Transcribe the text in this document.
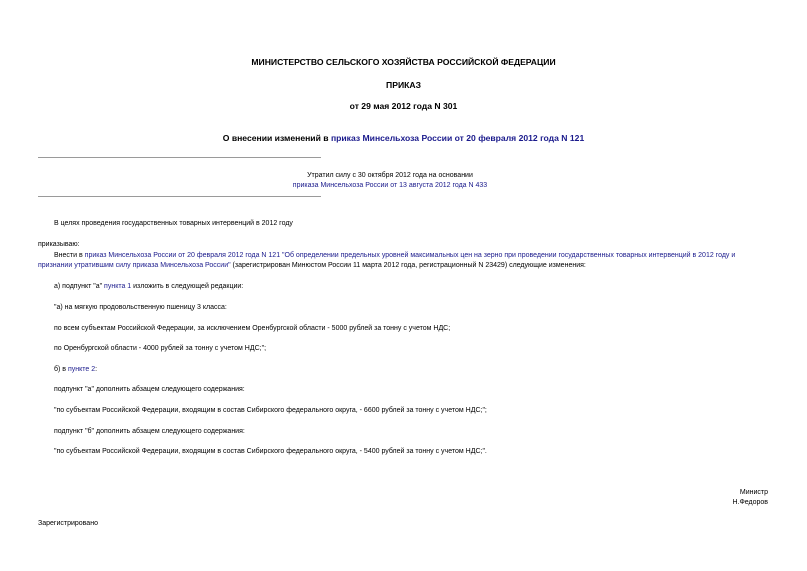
МИНИСТЕРСТВО СЕЛЬСКОГО ХОЗЯЙСТВА РОССИЙСКОЙ ФЕДЕРАЦИИ
ПРИКАЗ
от 29 мая 2012 года N 301
О внесении изменений в приказ Минсельхоза России от 20 февраля 2012 года N 121
Утратил силу с 30 октября 2012 года на основании
приказа Минсельхоза России от 13 августа 2012 года N 433
В целях проведения государственных товарных интервенций в 2012 году
приказываю:
Внести в приказ Минсельхоза России от 20 февраля 2012 года N 121 "Об определении предельных уровней максимальных цен на зерно при проведении государственных товарных интервенций в 2012 году и признании утратившим силу приказа Минсельхоза России" (зарегистрирован Минюстом России 11 марта 2012 года, регистрационный N 23429) следующие изменения:
а) подпункт "а" пункта 1 изложить в следующей редакции:
"а) на мягкую продовольственную пшеницу 3 класса:
по всем субъектам Российской Федерации, за исключением Оренбургской области - 5000 рублей за тонну с учетом НДС;
по Оренбургской области - 4000 рублей за тонну с учетом НДС;";
б) в пункте 2:
подпункт "а" дополнить абзацем следующего содержания:
"по субъектам Российской Федерации, входящим в состав Сибирского федерального округа, - 6600 рублей за тонну с учетом НДС;";
подпункт "б" дополнить абзацем следующего содержания:
"по субъектам Российской Федерации, входящим в состав Сибирского федерального округа, - 5400 рублей за тонну с учетом НДС;".
Министр
Н.Федоров
Зарегистрировано
